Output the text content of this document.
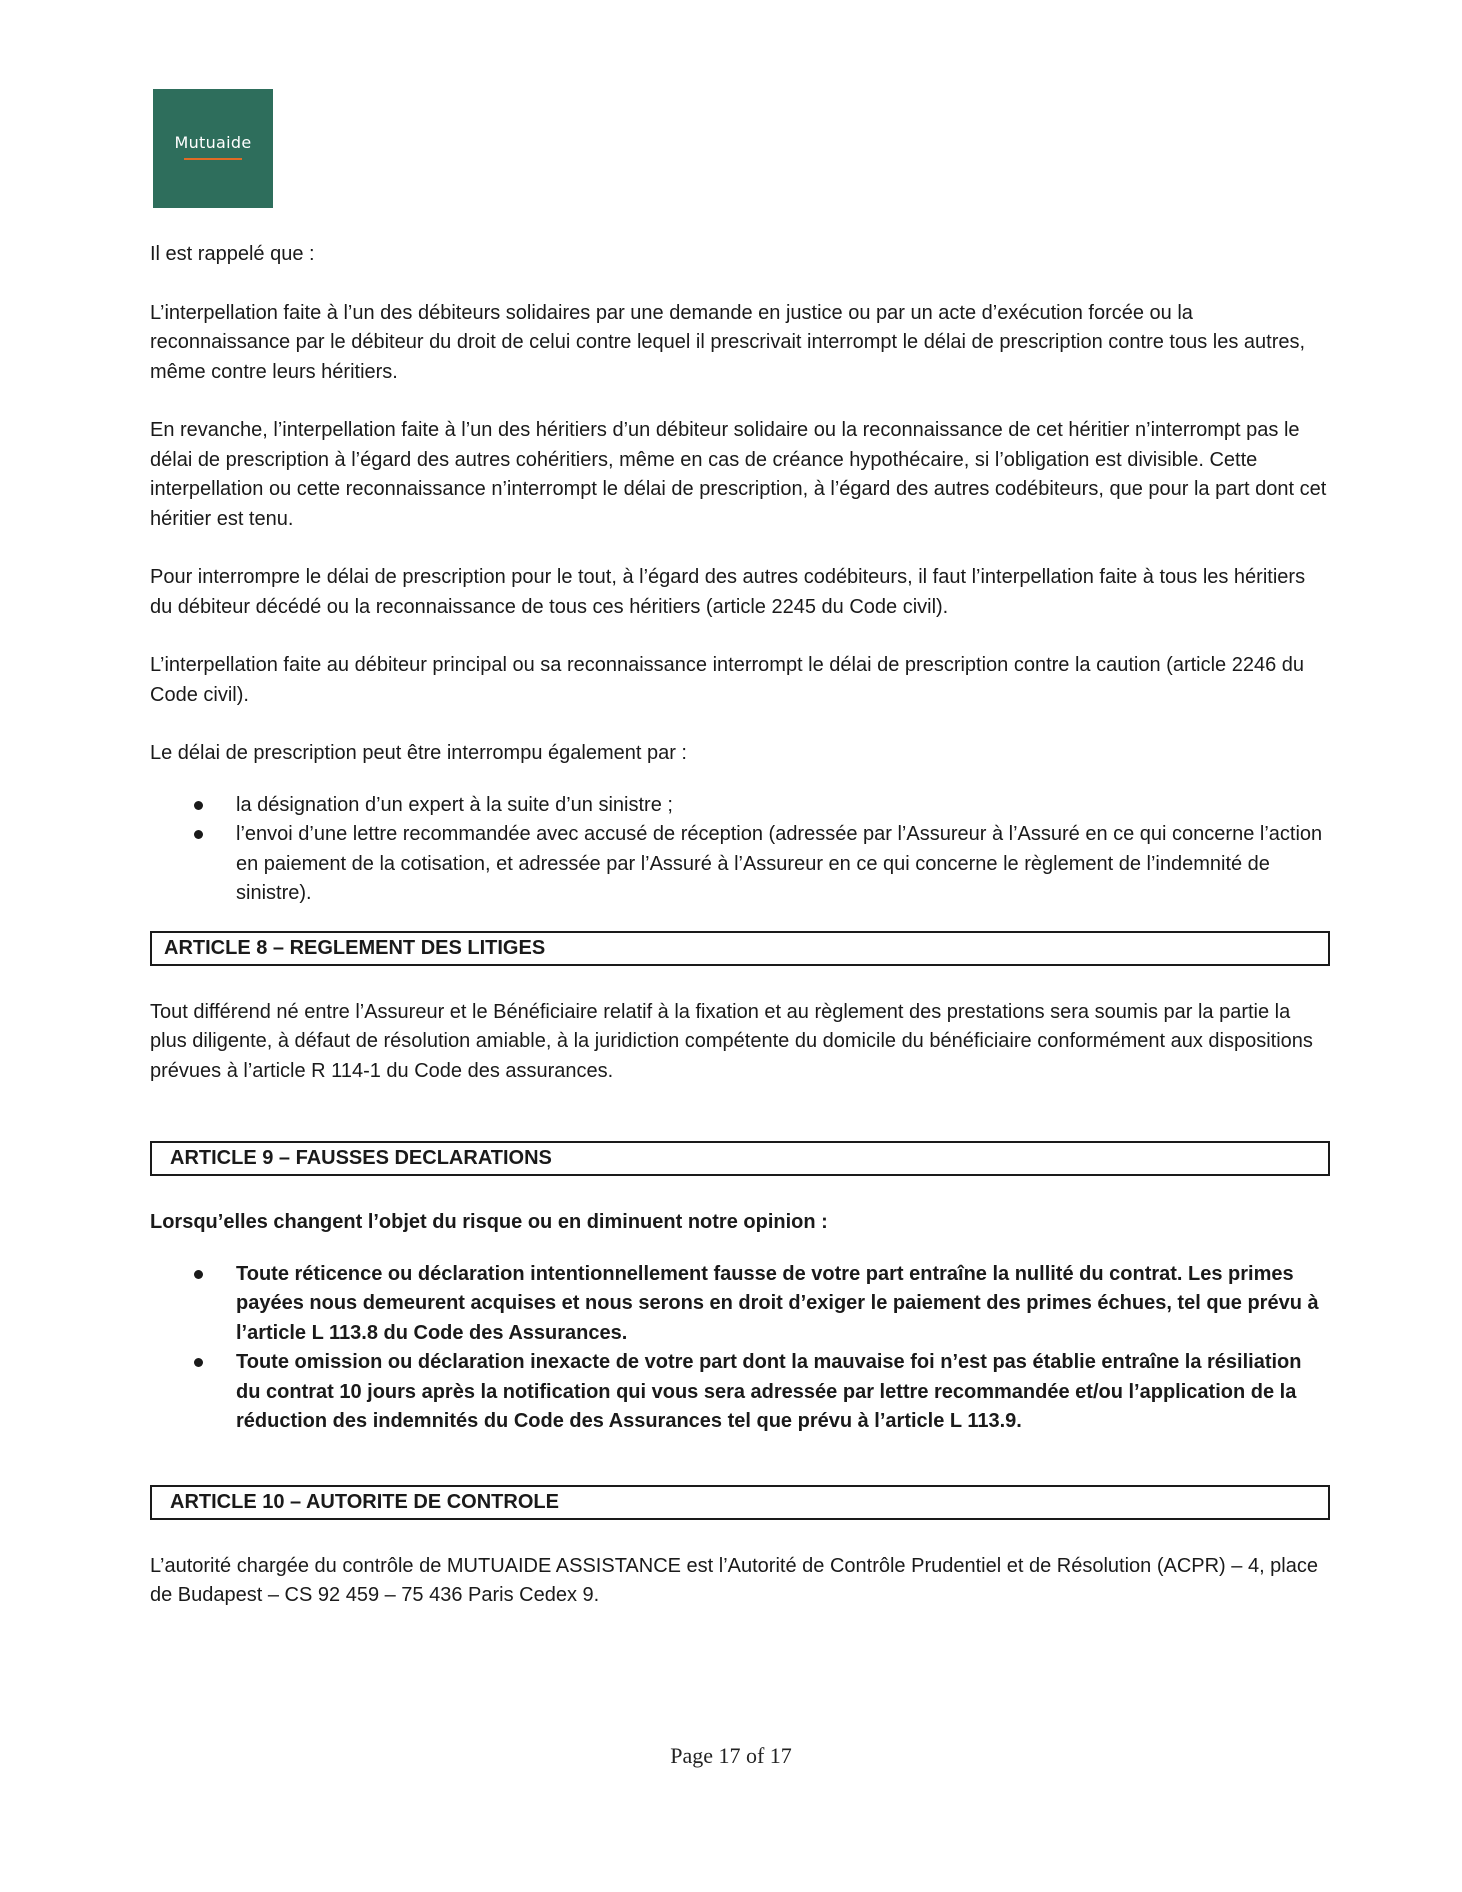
Mutuaide

Il est rappelé que :

L’interpellation faite à l’un des débiteurs solidaires par une demande en justice ou par un acte d’exécution forcée ou la reconnaissance par le débiteur du droit de celui contre lequel il prescrivait interrompt le délai de prescription contre tous les autres, même contre leurs héritiers.

En revanche, l’interpellation faite à l’un des héritiers d’un débiteur solidaire ou la reconnaissance de cet héritier n’interrompt pas le délai de prescription à l’égard des autres cohéritiers, même en cas de créance hypothécaire, si l’obligation est divisible. Cette interpellation ou cette reconnaissance n’interrompt le délai de prescription, à l’égard des autres codébiteurs, que pour la part dont cet héritier est tenu.

Pour interrompre le délai de prescription pour le tout, à l’égard des autres codébiteurs, il faut l’interpellation faite à tous les héritiers du débiteur décédé ou la reconnaissance de tous ces héritiers (article 2245 du Code civil).

L’interpellation faite au débiteur principal ou sa reconnaissance interrompt le délai de prescription contre la caution (article 2246 du Code civil).

Le délai de prescription peut être interrompu également par :

la désignation d’un expert à la suite d’un sinistre ;
l’envoi d’une lettre recommandée avec accusé de réception (adressée par l’Assureur à l’Assuré en ce qui concerne l’action en paiement de la cotisation, et adressée par l’Assuré à l’Assureur en ce qui concerne le règlement de l’indemnité de sinistre).
ARTICLE 8 – REGLEMENT DES LITIGES

Tout différend né entre l’Assureur et le Bénéficiaire relatif à la fixation et au règlement des prestations sera soumis par la partie la plus diligente, à défaut de résolution amiable, à la juridiction compétente du domicile du bénéficiaire conformément aux dispositions prévues à l’article R 114-1 du Code des assurances.

ARTICLE 9 – FAUSSES DECLARATIONS

Lorsqu’elles changent l’objet du risque ou en diminuent notre opinion :

Toute réticence ou déclaration intentionnellement fausse de votre part entraîne la nullité du contrat. Les primes payées nous demeurent acquises et nous serons en droit d’exiger le paiement des primes échues, tel que prévu à l’article L 113.8 du Code des Assurances.
Toute omission ou déclaration inexacte de votre part dont la mauvaise foi n’est pas établie entraîne la résiliation du contrat 10 jours après la notification qui vous sera adressée par lettre recommandée et/ou l’application de la réduction des indemnités du Code des Assurances tel que prévu à l’article L 113.9.
ARTICLE 10 – AUTORITE DE CONTROLE

L’autorité chargée du contrôle de MUTUAIDE ASSISTANCE est l’Autorité de Contrôle Prudentiel et de Résolution (ACPR) – 4, place de Budapest – CS 92 459 – 75 436 Paris Cedex 9.

Page 17 of 17
